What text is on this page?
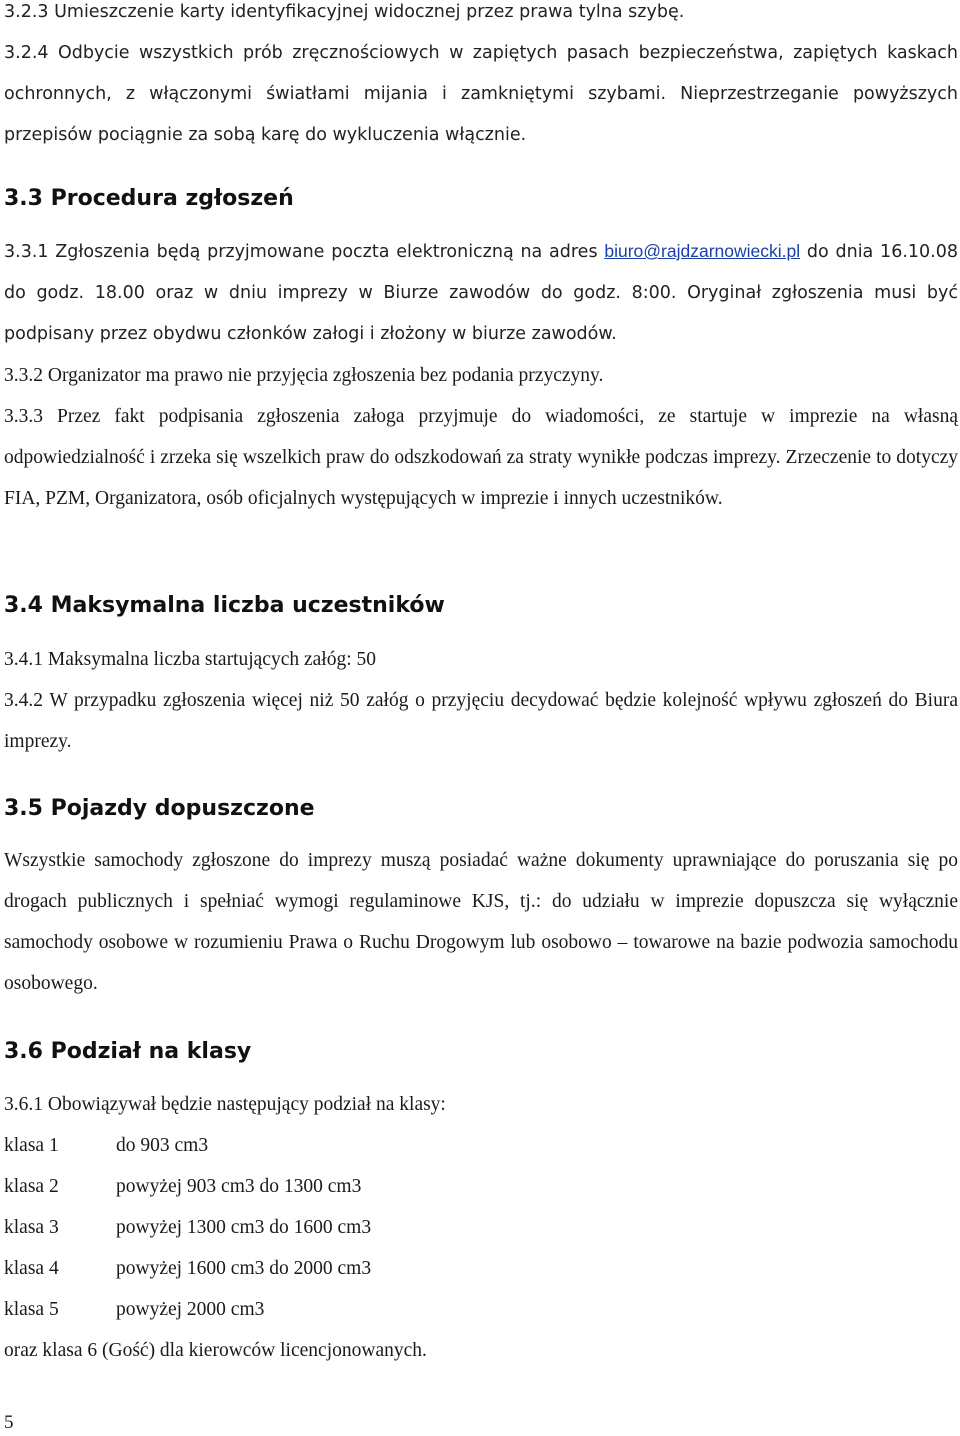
3.2.3 Umieszczenie karty identyfikacyjnej widocznej przez prawa tylna szybę.

3.2.4 Odbycie wszystkich prób zręcznościowych w zapiętych pasach bezpieczeństwa, zapiętych kaskach ochronnych, z włączonymi światłami mijania i zamkniętymi szybami. Nieprzestrzeganie powyższych przepisów pociągnie za sobą karę do wykluczenia włącznie.

3.3 Procedura zgłoszeń

3.3.1 Zgłoszenia będą przyjmowane poczta elektroniczną na adres biuro@rajdzarnowiecki.pl do dnia 16.10.08 do godz. 18.00 oraz w dniu imprezy w Biurze zawodów do godz. 8:00. Oryginał zgłoszenia musi być podpisany przez obydwu członków załogi i złożony w biurze zawodów.

3.3.2 Organizator ma prawo nie przyjęcia zgłoszenia bez podania przyczyny.

3.3.3 Przez fakt podpisania zgłoszenia załoga przyjmuje do wiadomości, ze startuje w imprezie na własną odpowiedzialność i zrzeka się wszelkich praw do odszkodowań za straty wynikłe podczas imprezy. Zrzeczenie to dotyczy FIA, PZM, Organizatora, osób oficjalnych występujących w imprezie i innych uczestników.

3.4 Maksymalna liczba uczestników

3.4.1 Maksymalna liczba startujących załóg: 50

3.4.2 W przypadku zgłoszenia więcej niż 50 załóg o przyjęciu decydować będzie kolejność wpływu zgłoszeń do Biura imprezy.

3.5 Pojazdy dopuszczone

Wszystkie samochody zgłoszone do imprezy muszą posiadać ważne dokumenty uprawniające do poruszania się po drogach publicznych i spełniać wymogi regulaminowe KJS, tj.: do udziału w imprezie dopuszcza się wyłącznie samochody osobowe w rozumieniu Prawa o Ruchu Drogowym lub osobowo – towarowe na bazie podwozia samochodu osobowego.

3.6 Podział na klasy

3.6.1 Obowiązywał będzie następujący podział na klasy:

klasa 1	do 903 cm3
klasa 2	powyżej 903 cm3 do 1300 cm3
klasa 3	powyżej 1300 cm3 do 1600 cm3
klasa 4	powyżej 1600 cm3 do 2000 cm3
klasa 5	powyżej 2000 cm3

oraz klasa 6 (Gość) dla kierowców licencjonowanych.

5
